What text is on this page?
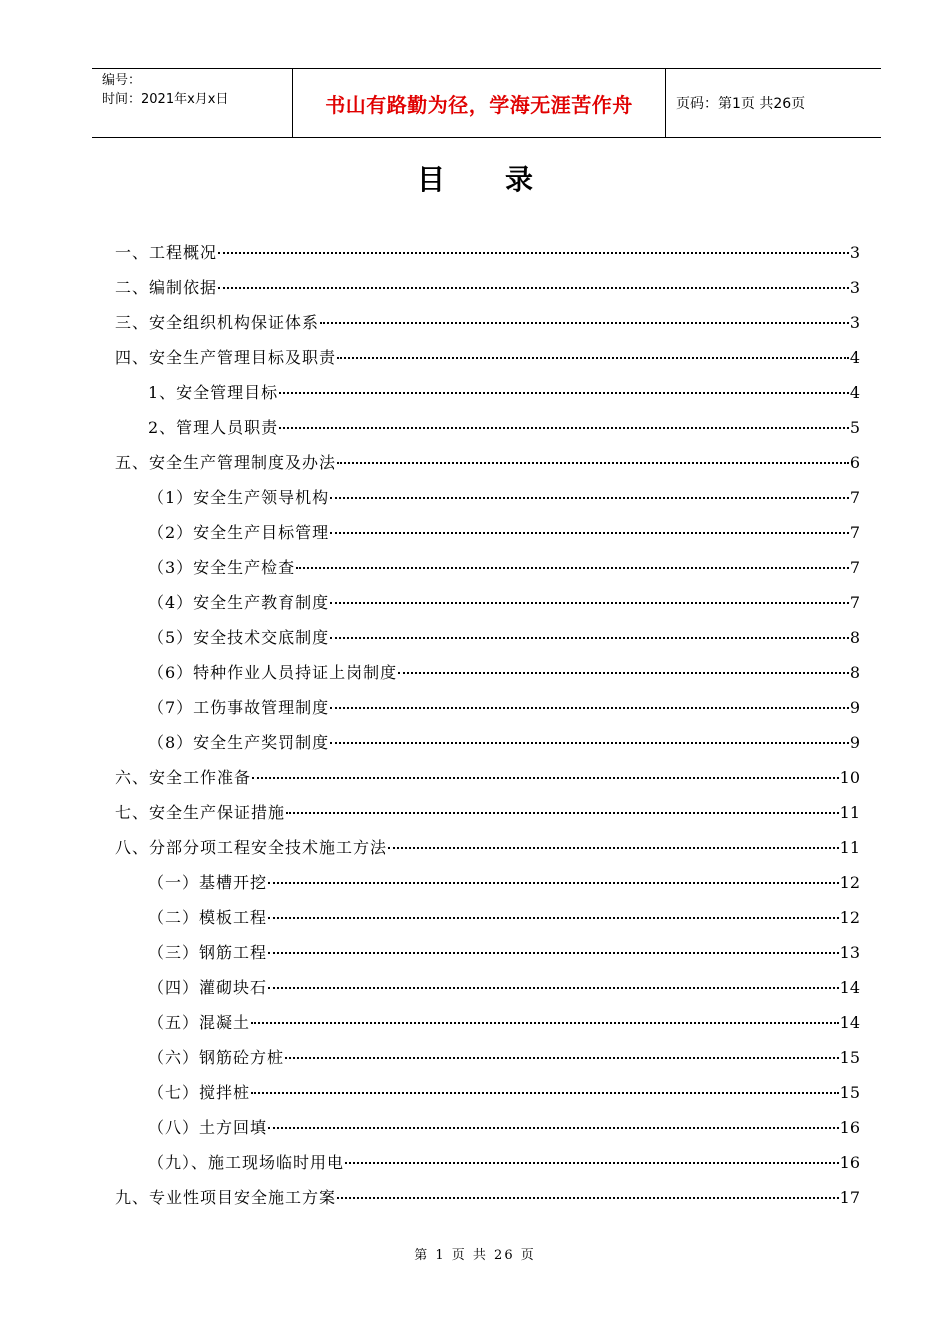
编号：
时间：2021年x月x日	书山有路勤为径，学海无涯苦作舟	页码：第1页 共26页
目录
一、工程概况	3
二、编制依据	3
三、安全组织机构保证体系	3
四、安全生产管理目标及职责	4
1、安全管理目标	4
2、管理人员职责	5
五、安全生产管理制度及办法	6
（1）安全生产领导机构	7
（2）安全生产目标管理	7
（3）安全生产检查	7
（4）安全生产教育制度	7
（5）安全技术交底制度	8
（6）特种作业人员持证上岗制度	8
（7）工伤事故管理制度	9
（8）安全生产奖罚制度	9
六、安全工作准备	10
七、安全生产保证措施	11
八、分部分项工程安全技术施工方法	11
（一）基槽开挖	12
（二）模板工程	12
（三）钢筋工程	13
（四）灌砌块石	14
（五）混凝土	14
（六）钢筋砼方桩	15
（七）搅拌桩	15
（八）土方回填	16
（九）、施工现场临时用电	16
九、专业性项目安全施工方案	17
第 1 页 共 26 页
